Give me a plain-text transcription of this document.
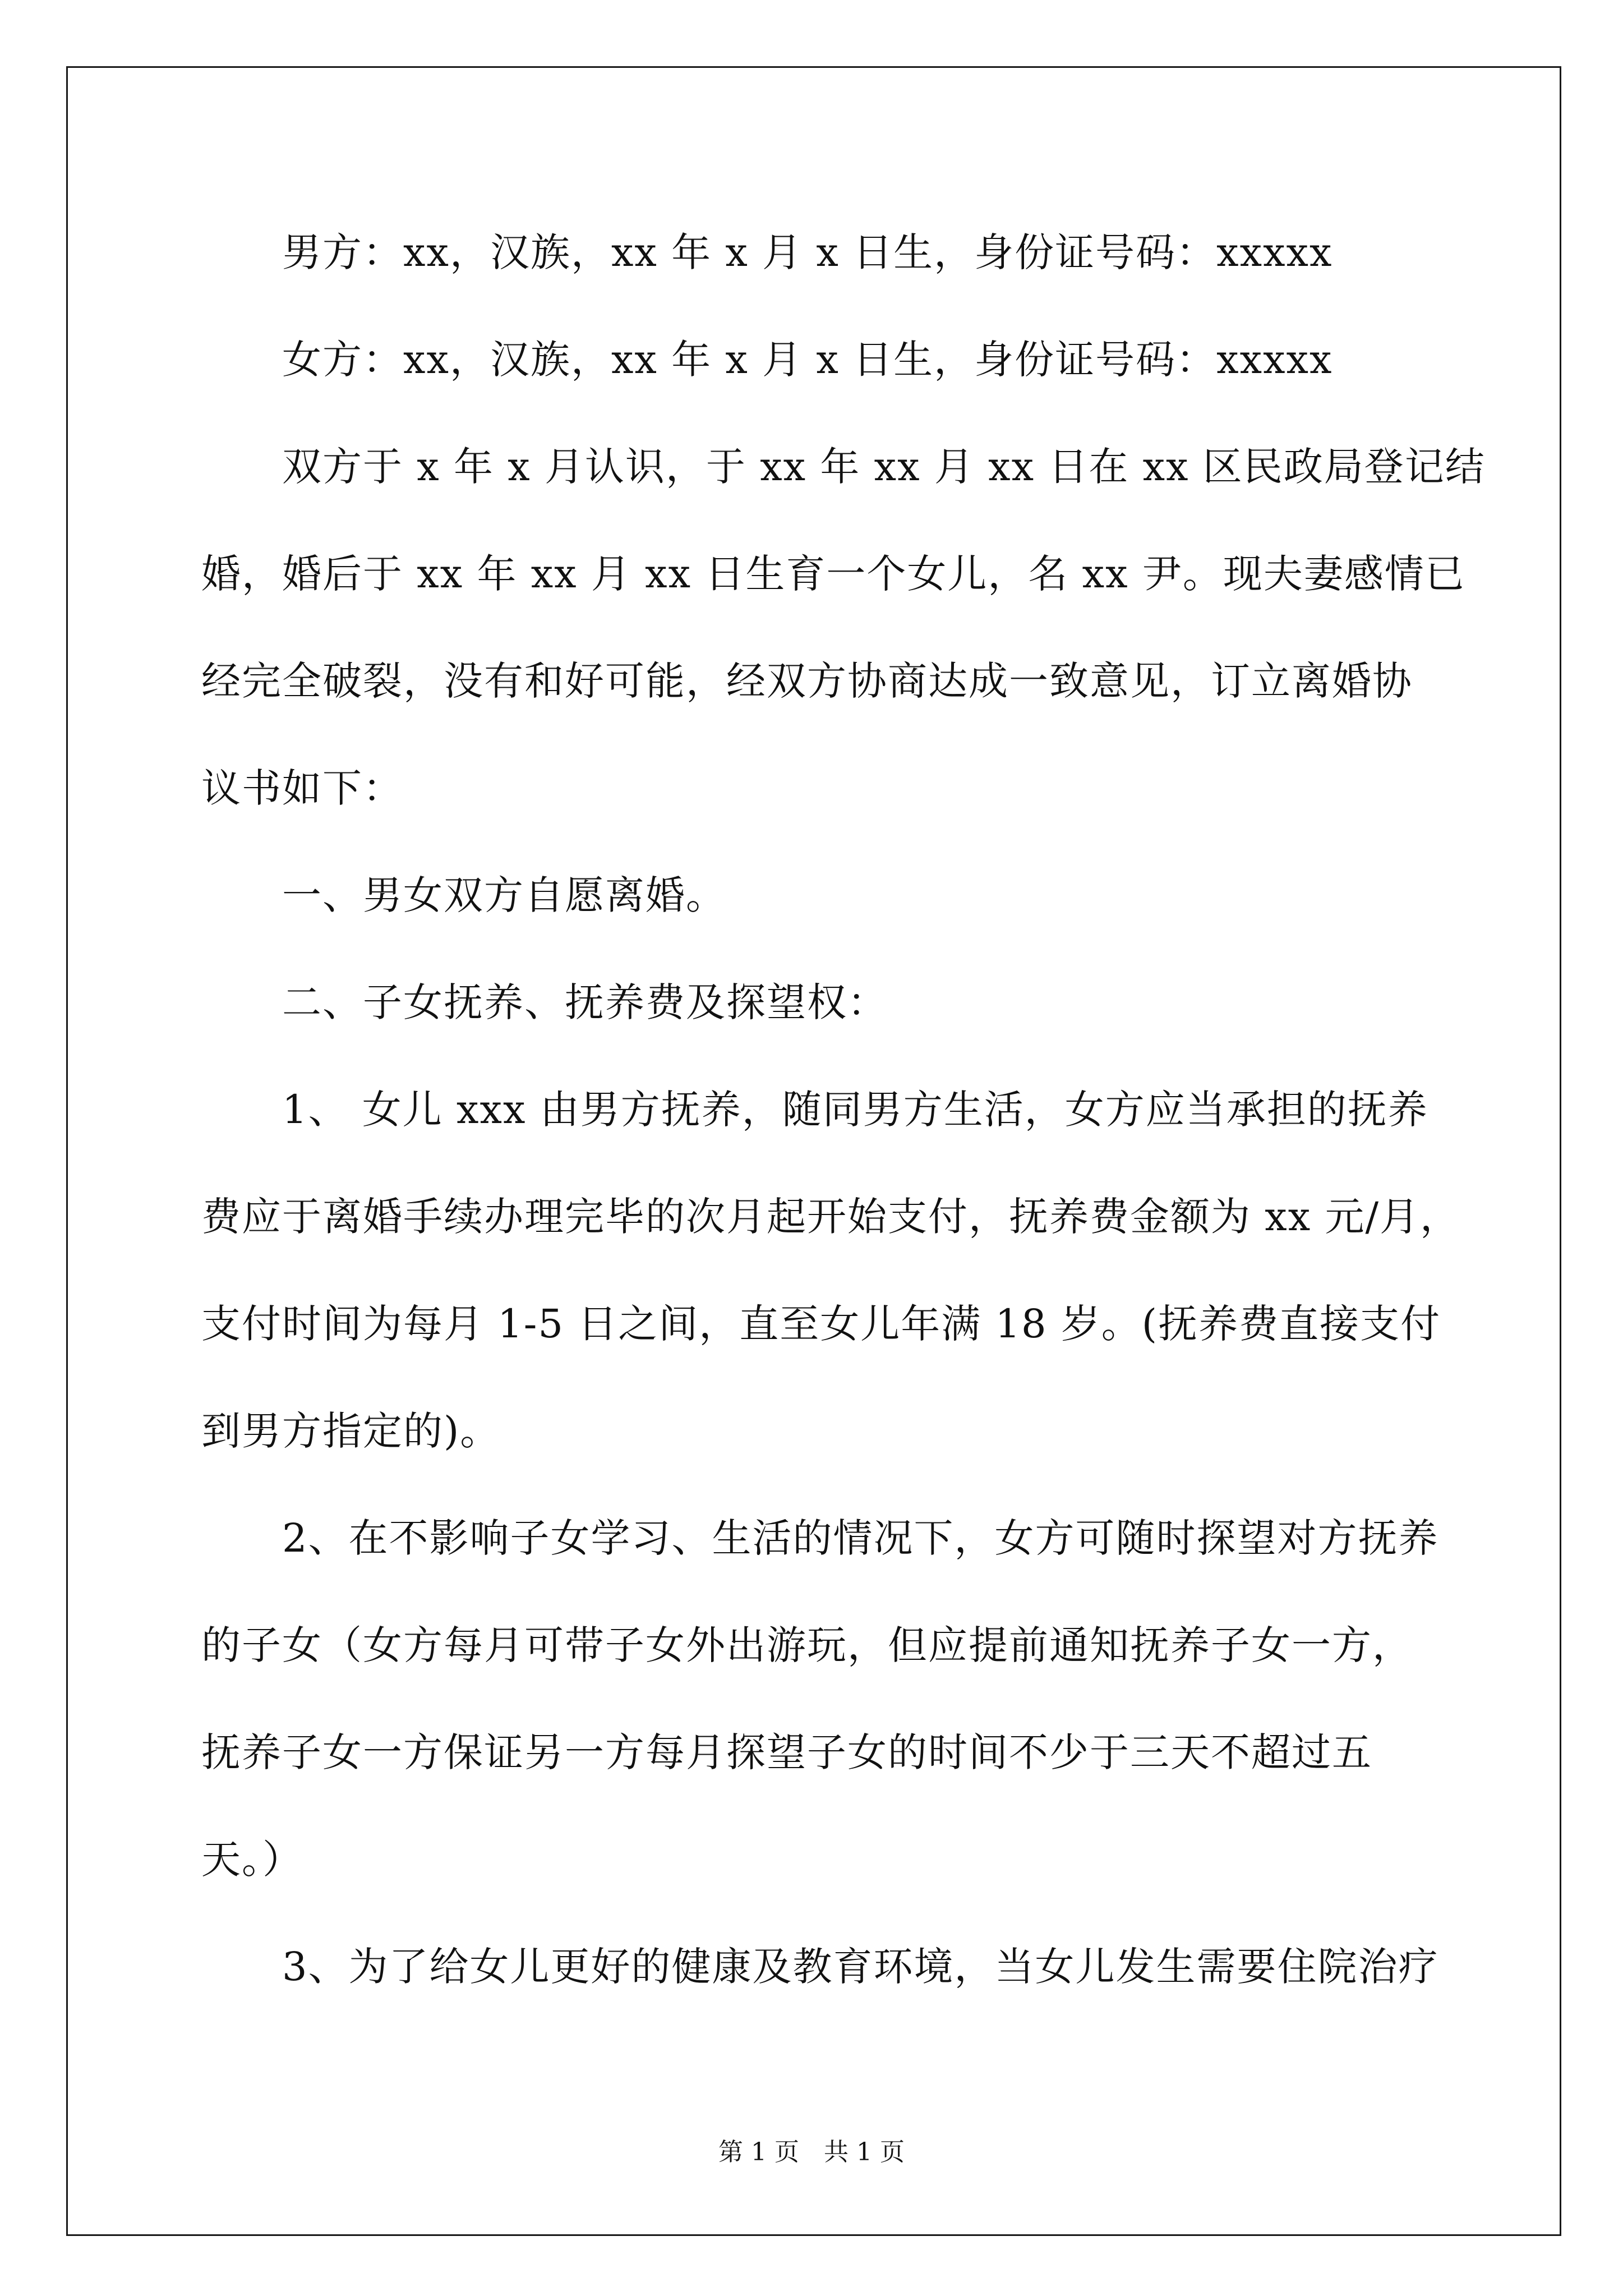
男方：xx，汉族，xx 年 x 月 x 日生，身份证号码：xxxxx
女方：xx，汉族，xx 年 x 月 x 日生，身份证号码：xxxxx
双方于 x 年 x 月认识，于 xx 年 xx 月 xx 日在 xx 区民政局登记结
婚，婚后于 xx 年 xx 月 xx 日生育一个女儿，名 xx 尹。现夫妻感情已
经完全破裂，没有和好可能，经双方协商达成一致意见，订立离婚协
议书如下：
一、男女双方自愿离婚。
二、子女抚养、抚养费及探望权：
1、 女儿 xxx 由男方抚养，随同男方生活，女方应当承担的抚养
费应于离婚手续办理完毕的次月起开始支付，抚养费金额为 xx 元/月，
支付时间为每月 1-5 日之间，直至女儿年满 18 岁。(抚养费直接支付
到男方指定的)。
2、在不影响子女学习、生活的情况下，女方可随时探望对方抚养
的子女（女方每月可带子女外出游玩，但应提前通知抚养子女一方，
抚养子女一方保证另一方每月探望子女的时间不少于三天不超过五
天。）
3、为了给女儿更好的健康及教育环境，当女儿发生需要住院治疗
第 1 页　共 1 页
